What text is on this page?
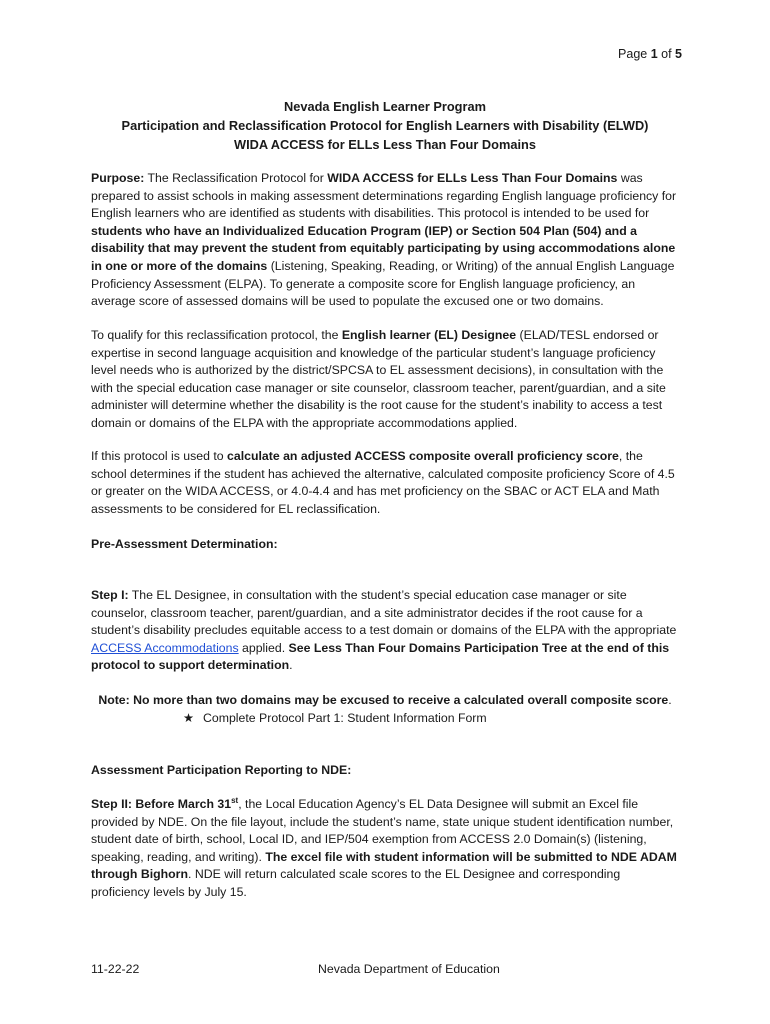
Page 1 of 5
Nevada English Learner Program
Participation and Reclassification Protocol for English Learners with Disability (ELWD)
WIDA ACCESS for ELLs Less Than Four Domains

Purpose: The Reclassification Protocol for WIDA ACCESS for ELLs Less Than Four Domains was prepared to assist schools in making assessment determinations regarding English language proficiency for English learners who are identified as students with disabilities. This protocol is intended to be used for students who have an Individualized Education Program (IEP) or Section 504 Plan (504) and a disability that may prevent the student from equitably participating by using accommodations alone in one or more of the domains (Listening, Speaking, Reading, or Writing) of the annual English Language Proficiency Assessment (ELPA). To generate a composite score for English language proficiency, an average score of assessed domains will be used to populate the excused one or two domains.

To qualify for this reclassification protocol, the English learner (EL) Designee (ELAD/TESL endorsed or expertise in second language acquisition and knowledge of the particular student’s language proficiency level needs who is authorized by the district/SPCSA to EL assessment decisions), in consultation with the with the special education case manager or site counselor, classroom teacher, parent/guardian, and a site administer will determine whether the disability is the root cause for the student’s inability to access a test domain or domains of the ELPA with the appropriate accommodations applied.

If this protocol is used to calculate an adjusted ACCESS composite overall proficiency score, the school determines if the student has achieved the alternative, calculated composite proficiency Score of 4.5 or greater on the WIDA ACCESS, or 4.0-4.4 and has met proficiency on the SBAC or ACT ELA and Math assessments to be considered for EL reclassification.

Pre-Assessment Determination:

Step I: The EL Designee, in consultation with the student’s special education case manager or site counselor, classroom teacher, parent/guardian, and a site administrator decides if the root cause for a student’s disability precludes equitable access to a test domain or domains of the ELPA with the appropriate ACCESS Accommodations applied. See Less Than Four Domains Participation Tree at the end of this protocol to support determination.

Note: No more than two domains may be excused to receive a calculated overall composite score.
★ Complete Protocol Part 1: Student Information Form

Assessment Participation Reporting to NDE:

Step II: Before March 31st, the Local Education Agency’s EL Data Designee will submit an Excel file provided by NDE. On the file layout, include the student’s name, state unique student identification number, student date of birth, school, Local ID, and IEP/504 exemption from ACCESS 2.0 Domain(s) (listening, speaking, reading, and writing). The excel file with student information will be submitted to NDE ADAM through Bighorn. NDE will return calculated scale scores to the EL Designee and corresponding proficiency levels by July 15.

11-22-22	Nevada Department of Education
